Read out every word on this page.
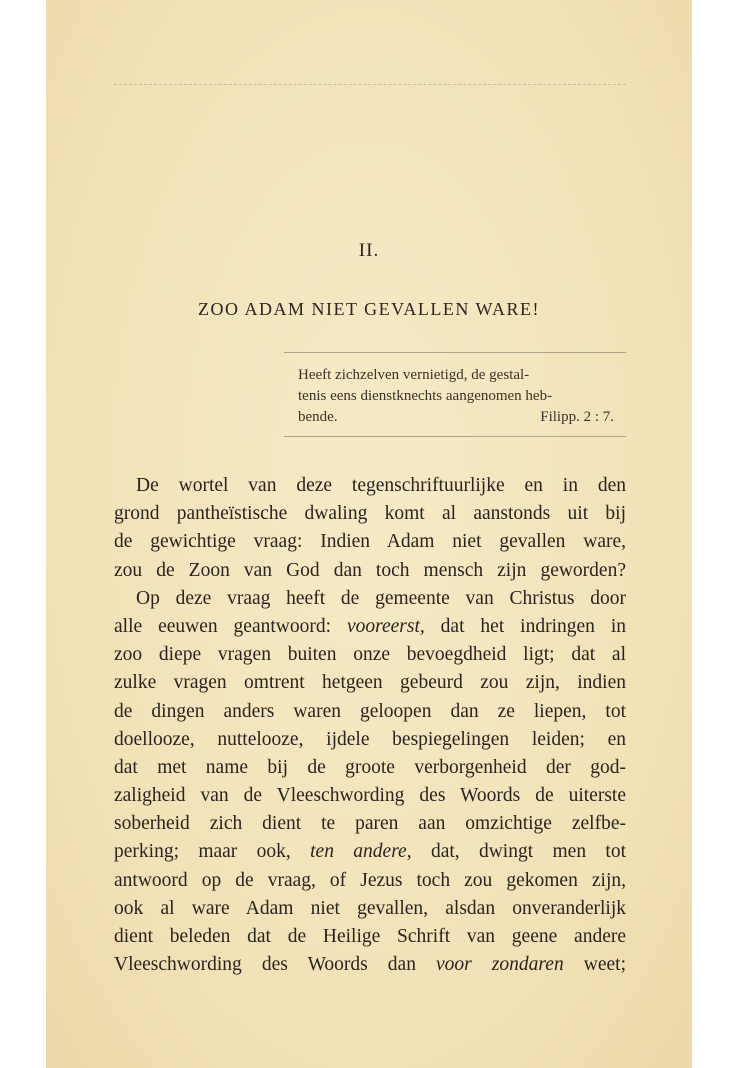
II.
ZOO ADAM NIET GEVALLEN WARE!
Heeft zichzelven vernietigd, de gestal-
tenis eens dienstknechts aangenomen heb-
bende.	Filipp. 2 : 7.

De wortel van deze tegenschriftuurlijke en in den
grond pantheïstische dwaling komt al aanstonds uit bij
de gewichtige vraag: Indien Adam niet gevallen ware,
zou de Zoon van God dan toch mensch zijn geworden?

Op deze vraag heeft de gemeente van Christus door
alle eeuwen geantwoord: vooreerst, dat het indringen in
zoo diepe vragen buiten onze bevoegdheid ligt; dat al
zulke vragen omtrent hetgeen gebeurd zou zijn, indien
de dingen anders waren geloopen dan ze liepen, tot
doellooze, nuttelooze, ijdele bespiegelingen leiden; en
dat met name bij de groote verborgenheid der god-
zaligheid van de Vleeschwording des Woords de uiterste
soberheid zich dient te paren aan omzichtige zelfbe-
perking; maar ook, ten andere, dat, dwingt men tot
antwoord op de vraag, of Jezus toch zou gekomen zijn,
ook al ware Adam niet gevallen, alsdan onveranderlijk
dient beleden dat de Heilige Schrift van geene andere
Vleeschwording des Woords dan voor zondaren weet;
